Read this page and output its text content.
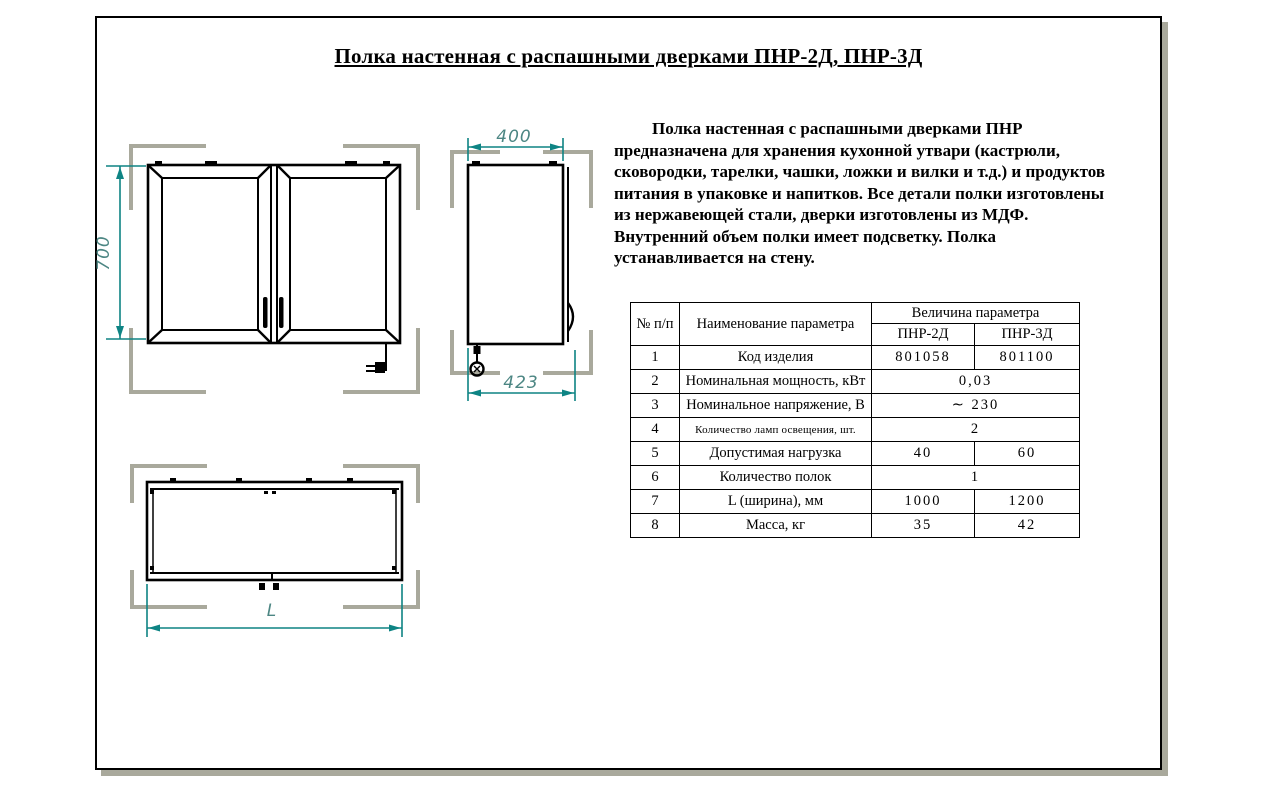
Полка настенная с распашными дверками ПНР-2Д, ПНР-3Д
Полка настенная с распашными дверками ПНР предназначена для хранения кухонной утвари (кастрюли, сковородки, тарелки, чашки, ложки и вилки и т.д.) и продуктов питания в упаковке и напитков. Все детали полки изготовлены из нержавеющей стали, дверки изготовлены из МДФ. Внутренний объем полки имеет подсветку. Полка устанавливается на стену.
700
400
423
L
№ п/п	Наименование параметра	Величина параметра	
		ПНР-2Д	ПНР-3Д
1	Код изделия	801058	801100
2	Номинальная мощность, кВт	0,03	
3	Номинальное напряжение, В	∼ 230	
4	Количество ламп освещения, шт.	2	
5	Допустимая нагрузка	40	60
6	Количество полок	1	
7	L (ширина), мм	1000	1200
8	Масса, кг	35	42
